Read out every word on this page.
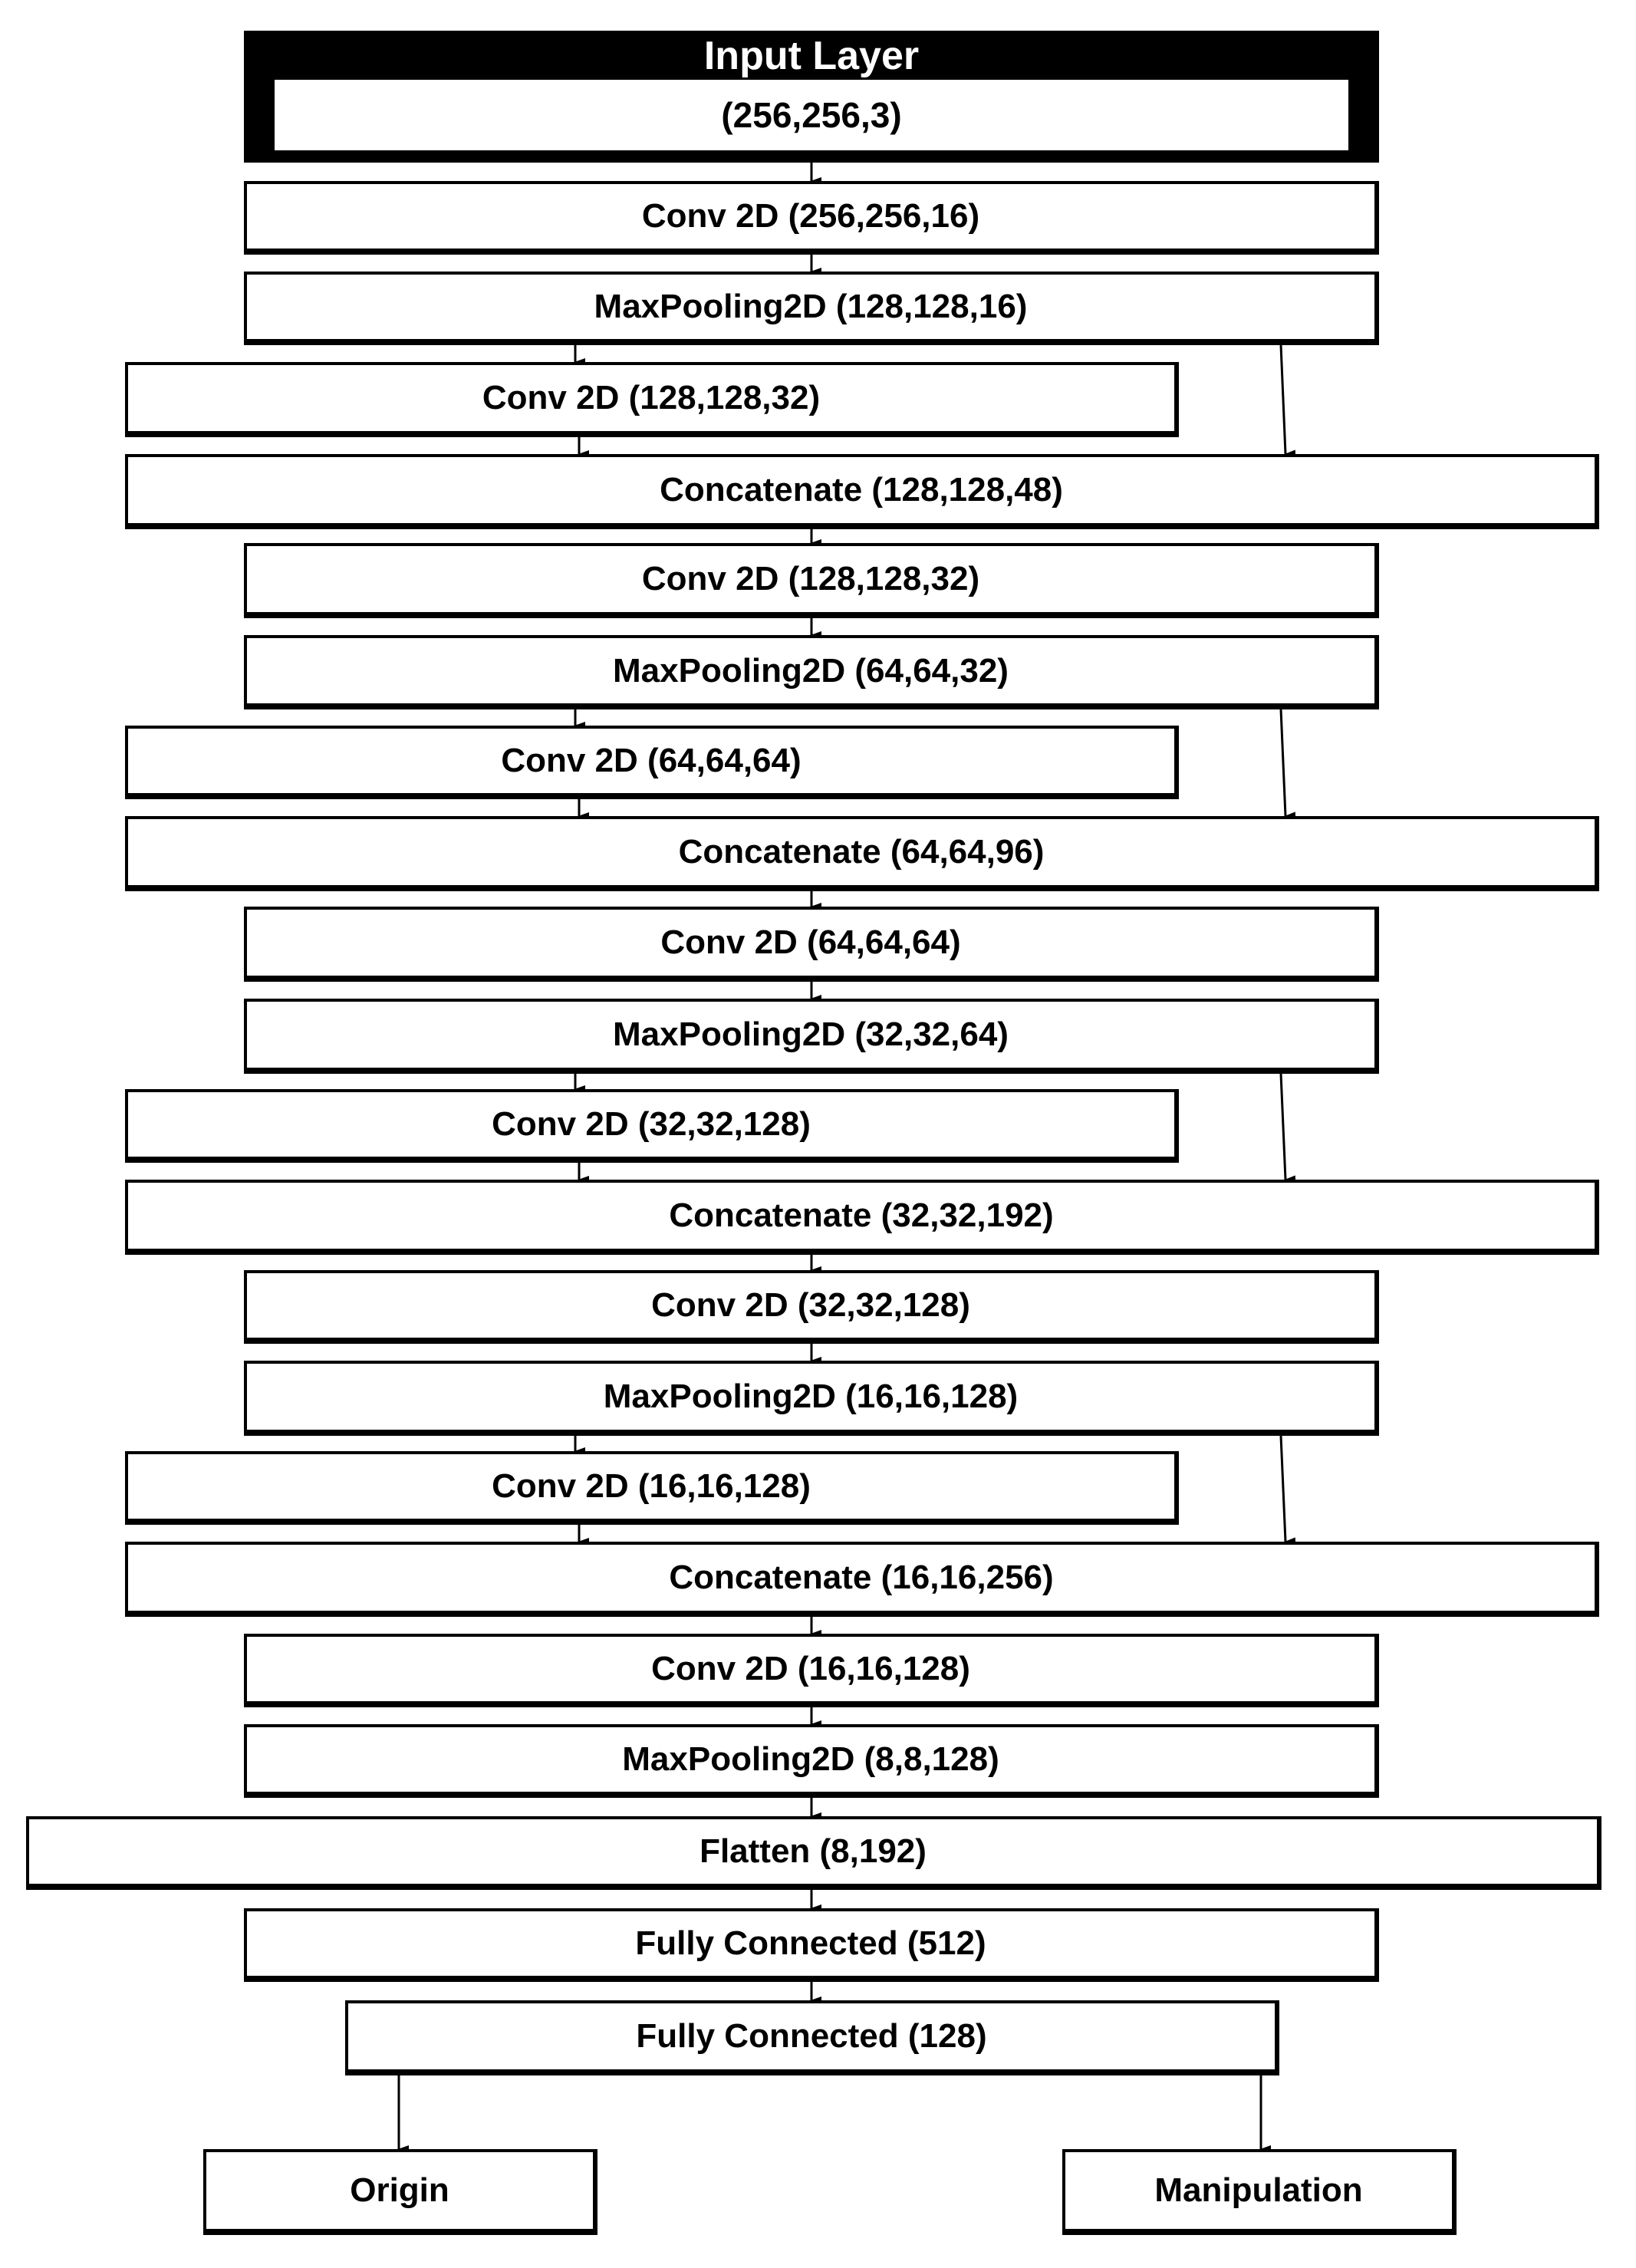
Input Layer
(256,256,3)
Conv 2D (256,256,16)
MaxPooling2D (128,128,16)
Conv 2D (128,128,32)
Concatenate (128,128,48)
Conv 2D (128,128,32)
MaxPooling2D (64,64,32)
Conv 2D (64,64,64)
Concatenate (64,64,96)
Conv 2D (64,64,64)
MaxPooling2D (32,32,64)
Conv 2D (32,32,128)
Concatenate (32,32,192)
Conv 2D (32,32,128)
MaxPooling2D (16,16,128)
Conv 2D (16,16,128)
Concatenate (16,16,256)
Conv 2D (16,16,128)
MaxPooling2D (8,8,128)
Flatten (8,192)
Fully Connected (512)
Fully Connected (128)
Origin	Manipulation
